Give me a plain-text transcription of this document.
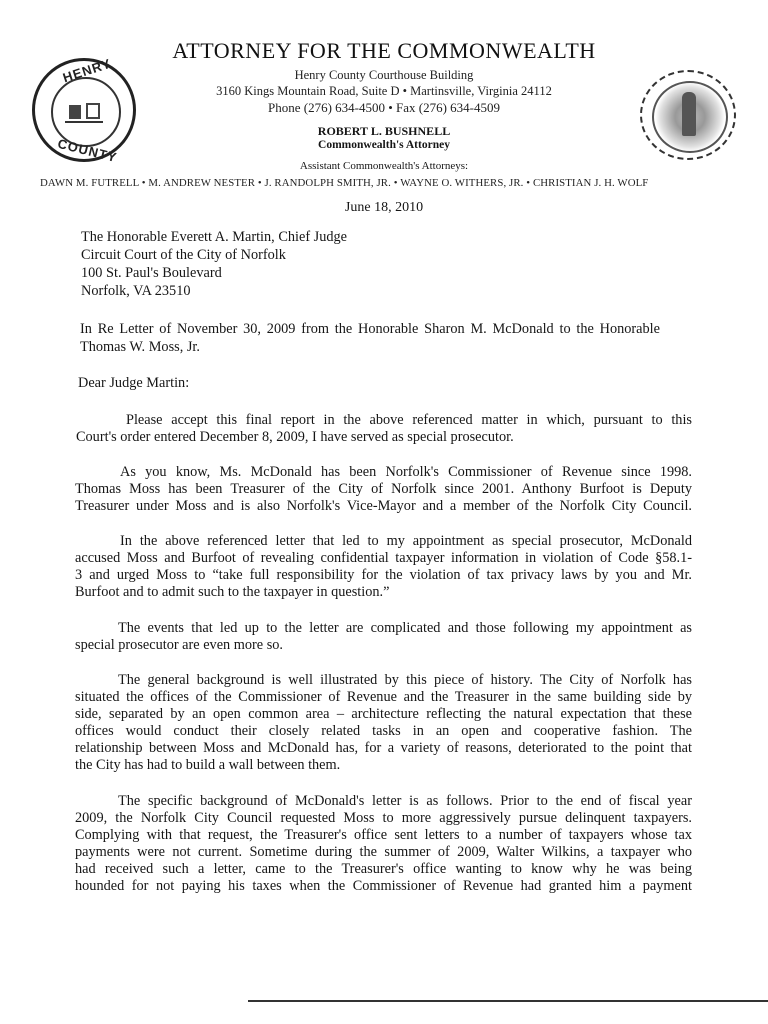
HENRY
COUNTY
ATTORNEY FOR THE COMMONWEALTH
Henry County Courthouse Building
3160 Kings Mountain Road, Suite D • Martinsville, Virginia 24112
Phone (276) 634-4500 • Fax (276) 634-4509
ROBERT L. BUSHNELL
Commonwealth's Attorney
Assistant Commonwealth's Attorneys:
DAWN M. FUTRELL • M. ANDREW NESTER • J. RANDOLPH SMITH, JR. • WAYNE O. WITHERS, JR. • CHRISTIAN J. H. WOLF
June 18, 2010
The Honorable Everett A. Martin, Chief Judge
Circuit Court of the City of Norfolk
100 St. Paul's Boulevard
Norfolk, VA 23510
In Re Letter of November 30, 2009 from the Honorable Sharon M. McDonald to the Honorable
Thomas W. Moss, Jr.
Dear Judge Martin:
Please accept this final report in the above referenced matter in which, pursuant to this
Court's order entered December 8, 2009, I have served as special prosecutor.
As you know, Ms. McDonald has been Norfolk's Commissioner of Revenue since 1998.
Thomas Moss has been Treasurer of the City of Norfolk since 2001. Anthony Burfoot is Deputy
Treasurer under Moss and is also Norfolk's Vice-Mayor and a member of the Norfolk City Council.
In the above referenced letter that led to my appointment as special prosecutor, McDonald
accused Moss and Burfoot of revealing confidential taxpayer information in violation of Code §58.1-
3 and urged Moss to “take full responsibility for the violation of tax privacy laws by you and Mr.
Burfoot and to admit such to the taxpayer in question.”
The events that led up to the letter are complicated and those following my appointment as
special prosecutor are even more so.
The general background is well illustrated by this piece of history. The City of Norfolk has
situated the offices of the Commissioner of Revenue and the Treasurer in the same building side by
side, separated by an open common area – architecture reflecting the natural expectation that these
offices would conduct their closely related tasks in an open and cooperative fashion. The
relationship between Moss and McDonald has, for a variety of reasons, deteriorated to the point that
the City has had to build a wall between them.
The specific background of McDonald's letter is as follows. Prior to the end of fiscal year
2009, the Norfolk City Council requested Moss to more aggressively pursue delinquent taxpayers.
Complying with that request, the Treasurer's office sent letters to a number of taxpayers whose tax
payments were not current. Sometime during the summer of 2009, Walter Wilkins, a taxpayer who
had received such a letter, came to the Treasurer's office wanting to know why he was being
hounded for not paying his taxes when the Commissioner of Revenue had granted him a payment
